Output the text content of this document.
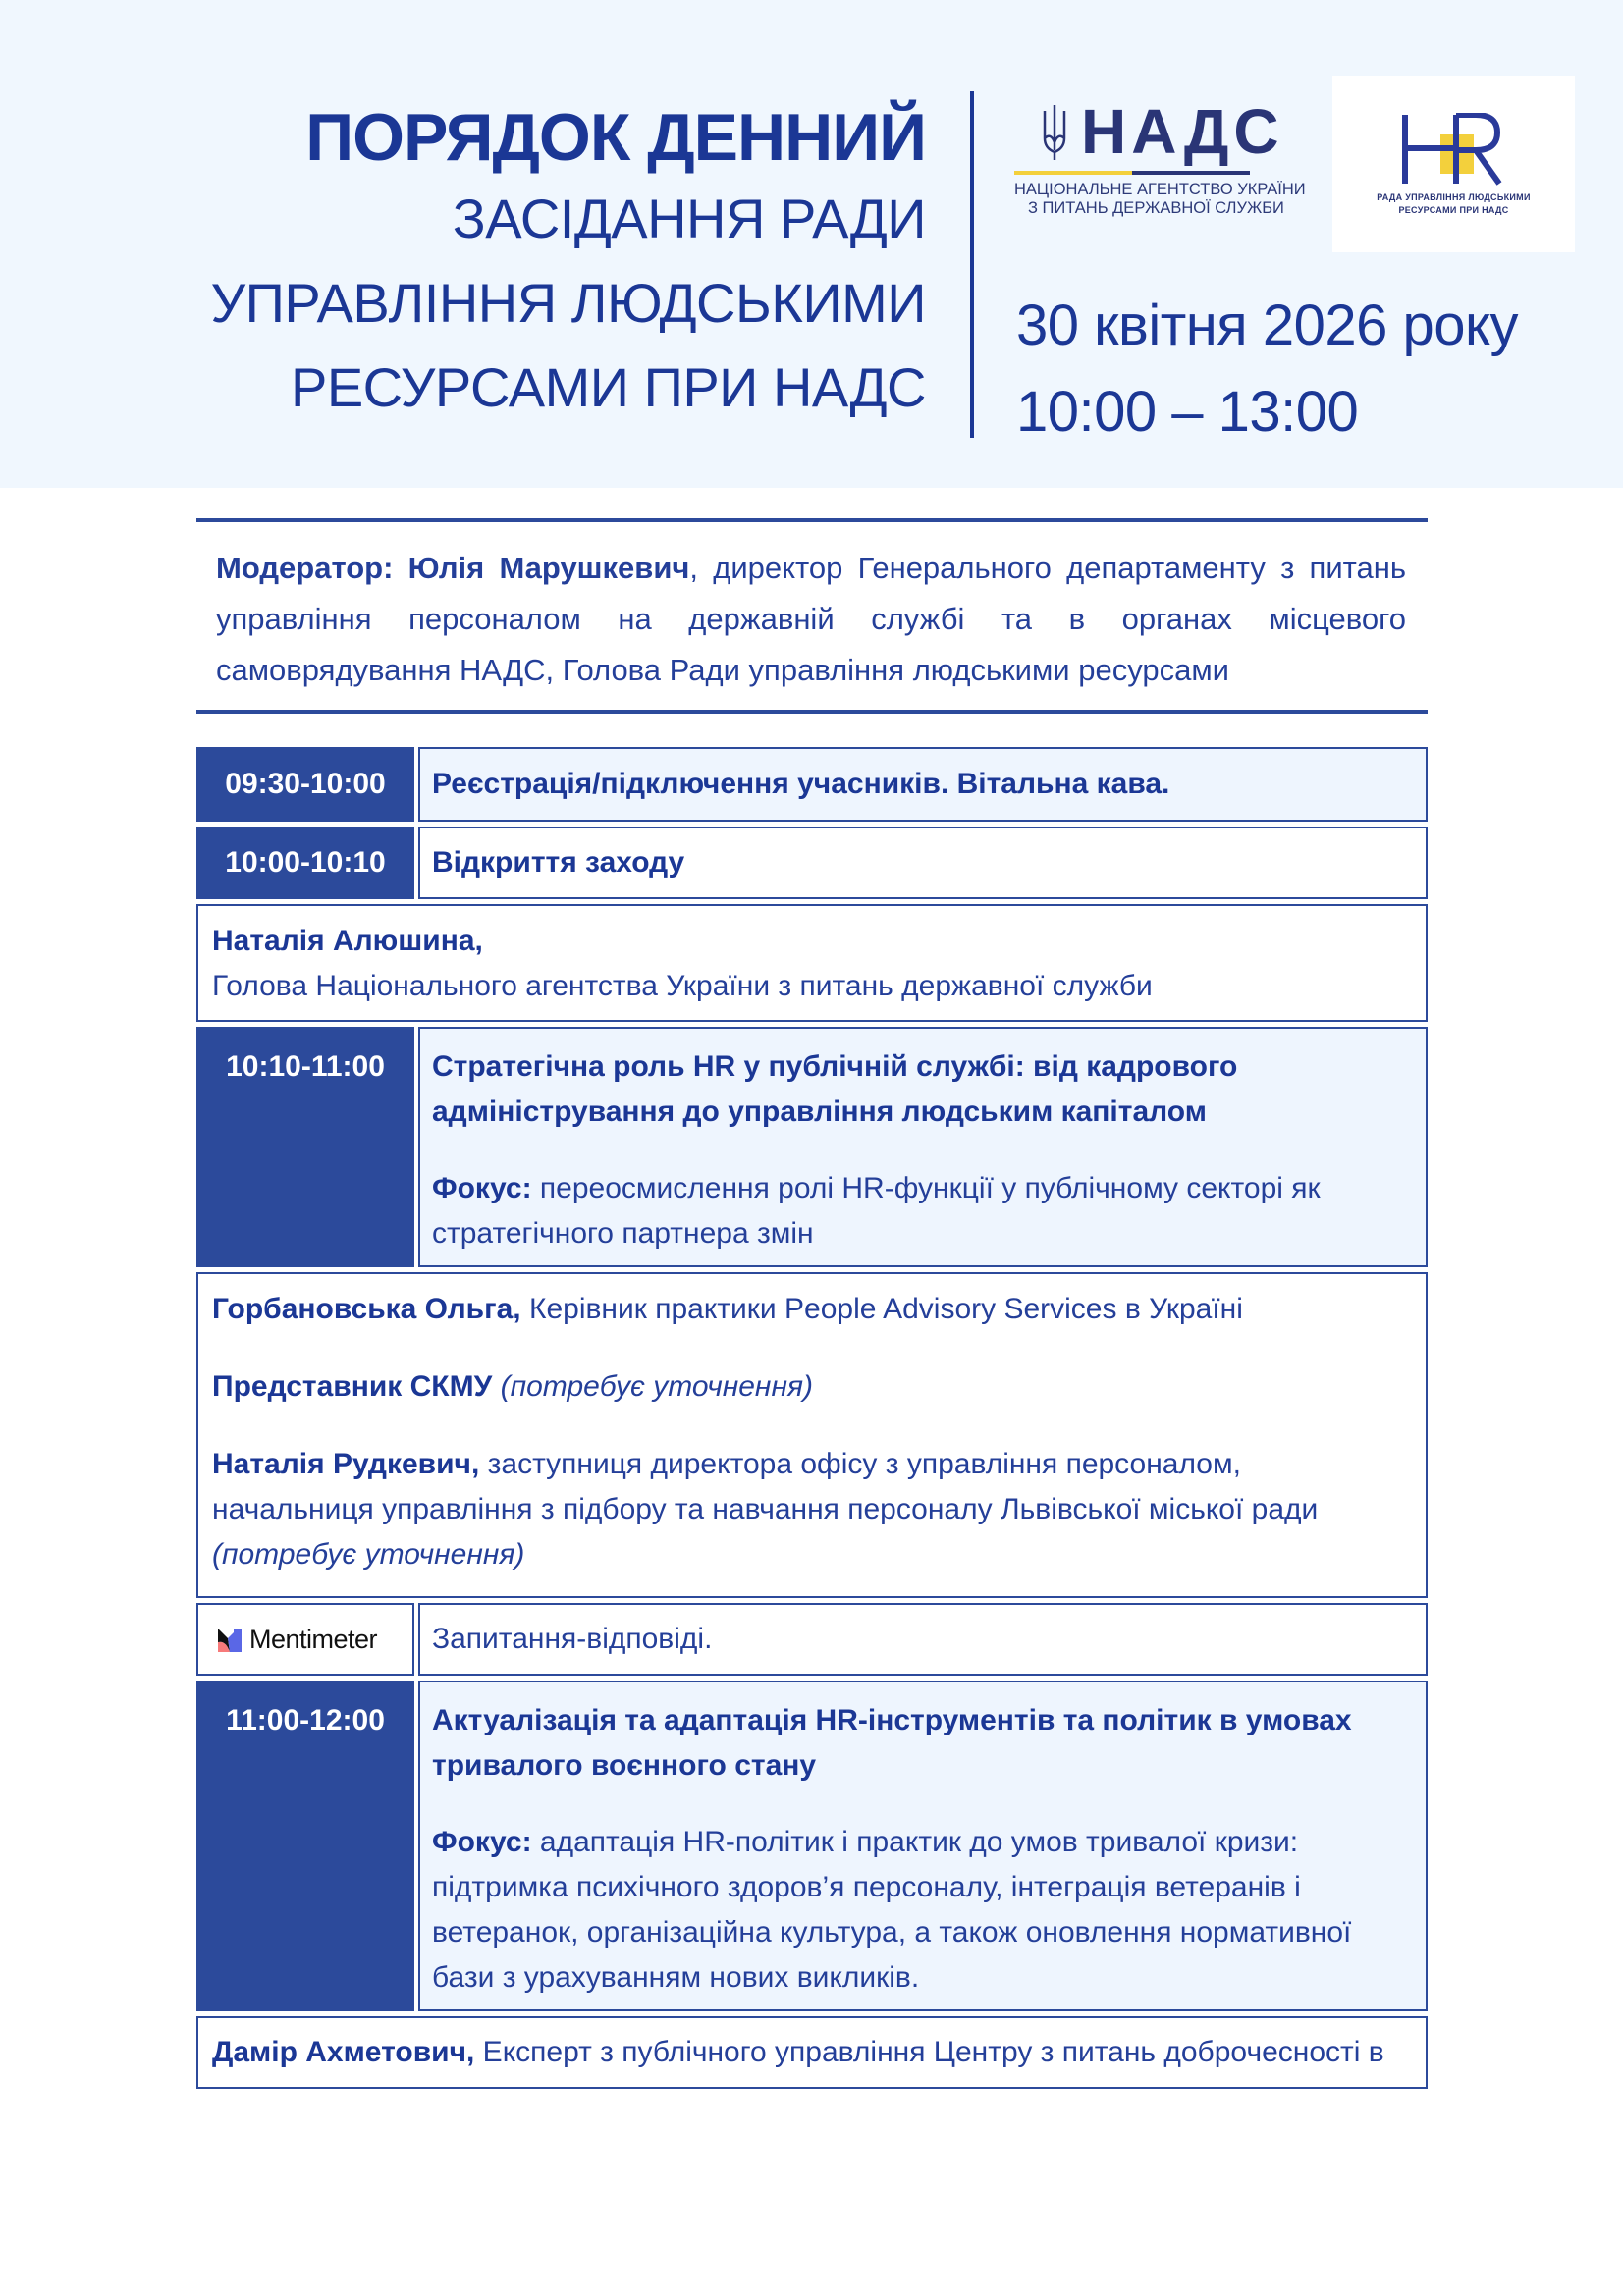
ПОРЯДОК ДЕННИЙ
ЗАСІДАННЯ РАДИ
УПРАВЛІННЯ ЛЮДСЬКИМИ
РЕСУРСАМИ ПРИ НАДС
НАДС
НАЦІОНАЛЬНЕ АГЕНТСТВО УКРАЇНИ
З ПИТАНЬ ДЕРЖАВНОЇ СЛУЖБИ
РАДА УПРАВЛІННЯ ЛЮДСЬКИМИ
РЕСУРСАМИ ПРИ НАДС
30 квітня 2026 року
10:00 – 13:00
Модератор: Юлія Марушкевич, директор Генерального департаменту з питань управління персоналом на державній службі та в органах місцевого самоврядування НАДС, Голова Ради управління людськими ресурсами
09:30-10:00	Реєстрація/підключення учасників. Вітальна кава.
10:00-10:10	Відкриття заходу
Наталія Алюшина,
Голова Національного агентства України з питань державної служби
10:10-11:00	Стратегічна роль HR у публічній службі: від кадрового
адміністрування до управління людським капіталом
Фокус: переосмислення ролі HR-функції у публічному секторі як
стратегічного партнера змін
Горбановська Ольга, Керівник практики People Advisory Services в Україні
Представник СКМУ (потребує уточнення)
Наталія Рудкевич, заступниця директора офісу з управління персоналом,
начальниця управління з підбору та навчання персоналу Львівської міської ради
(потребує уточнення)
Mentimeter	Запитання-відповіді.
11:00-12:00	Актуалізація та адаптація HR-інструментів та політик в умовах
тривалого воєнного стану
Фокус: адаптація HR-політик і практик до умов тривалої кризи:
підтримка психічного здоров’я персоналу, інтеграція ветеранів і
ветеранок, організаційна культура, а також оновлення нормативної
бази з урахуванням нових викликів.
Дамір Ахметович, Експерт з публічного управління Центру з питань доброчесності в
